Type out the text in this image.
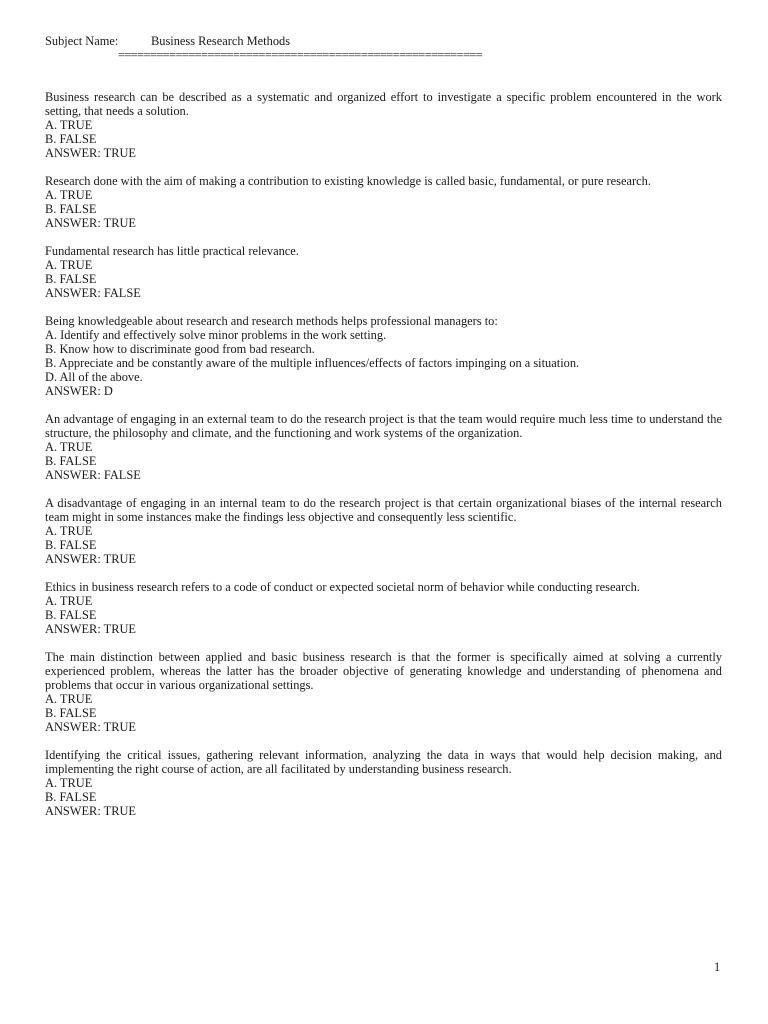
Subject Name:	Business Research Methods
=========================================================
Business research can be described as a systematic and organized effort to investigate a specific problem encountered in the work setting, that needs a solution.
A. TRUE
B. FALSE
ANSWER: TRUE
Research done with the aim of making a contribution to existing knowledge is called basic, fundamental, or pure research.
A. TRUE
B. FALSE
ANSWER: TRUE
Fundamental research has little practical relevance.
A. TRUE
B. FALSE
ANSWER: FALSE
Being knowledgeable about research and research methods helps professional managers to:
A. Identify and effectively solve minor problems in the work setting.
B. Know how to discriminate good from bad research.
B. Appreciate and be constantly aware of the multiple influences/effects of factors impinging on a situation.
D. All of the above.
ANSWER: D
An advantage of engaging in an external team to do the research project is that the team would require much less time to understand the structure, the philosophy and climate, and the functioning and work systems of the organization.
A. TRUE
B. FALSE
ANSWER: FALSE
A disadvantage of engaging in an internal team to do the research project is that certain organizational biases of the internal research team might in some instances make the findings less objective and consequently less scientific.
A. TRUE
B. FALSE
ANSWER: TRUE
Ethics in business research refers to a code of conduct or expected societal norm of behavior while conducting research.
A. TRUE
B. FALSE
ANSWER: TRUE
The main distinction between applied and basic business research is that the former is specifically aimed at solving a currently experienced problem, whereas the latter has the broader objective of generating knowledge and understanding of phenomena and problems that occur in various organizational settings.
A. TRUE
B. FALSE
ANSWER: TRUE
Identifying the critical issues, gathering relevant information, analyzing the data in ways that would help decision making, and implementing the right course of action, are all facilitated by understanding business research.
A. TRUE
B. FALSE
ANSWER: TRUE
1
